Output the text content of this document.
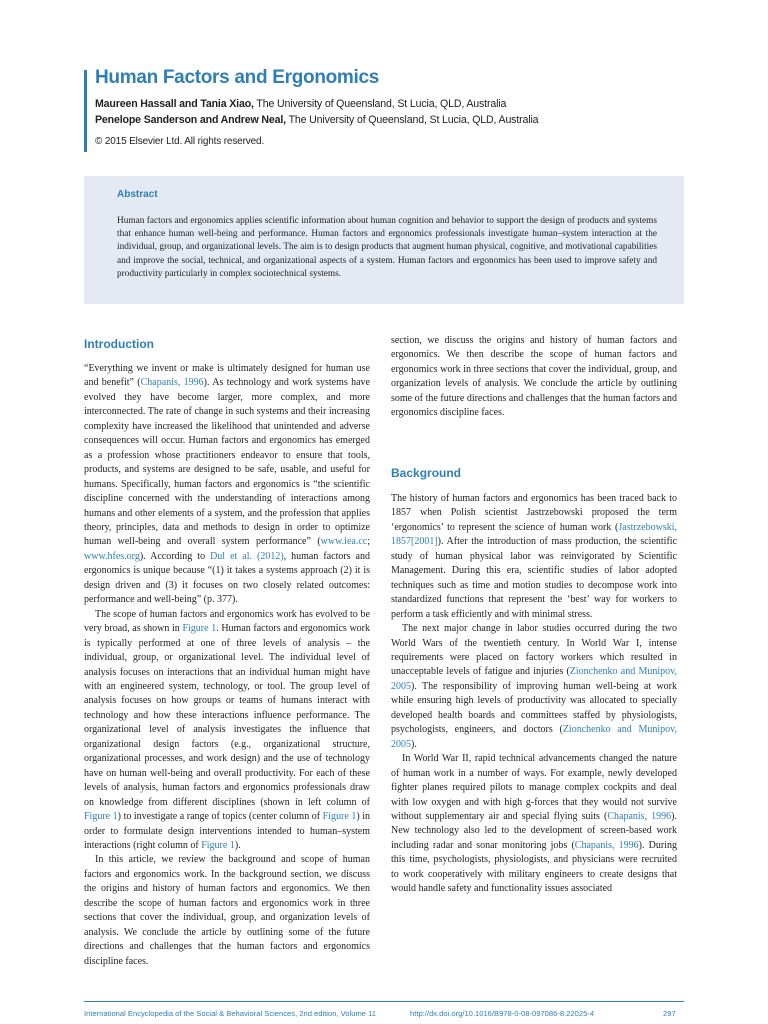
Human Factors and Ergonomics
Maureen Hassall and Tania Xiao, The University of Queensland, St Lucia, QLD, Australia
Penelope Sanderson and Andrew Neal, The University of Queensland, St Lucia, QLD, Australia
© 2015 Elsevier Ltd. All rights reserved.
Abstract
Human factors and ergonomics applies scientific information about human cognition and behavior to support the design of products and systems that enhance human well-being and performance. Human factors and ergonomics professionals investigate human–system interaction at the individual, group, and organizational levels. The aim is to design products that augment human physical, cognitive, and motivational capabilities and improve the social, technical, and organizational aspects of a system. Human factors and ergonomics has been used to improve safety and productivity particularly in complex sociotechnical systems.
Introduction

“Everything we invent or make is ultimately designed for human use and benefit” (Chapanis, 1996). As technology and work systems have evolved they have become larger, more complex, and more interconnected. The rate of change in such systems and their increasing complexity have increased the likelihood that unintended and adverse consequences will occur. Human factors and ergonomics has emerged as a profession whose practitioners endeavor to ensure that tools, products, and systems are designed to be safe, usable, and useful for humans. Specifically, human factors and ergonomics is “the scientific discipline concerned with the understanding of interactions among humans and other elements of a system, and the profession that applies theory, principles, data and methods to design in order to optimize human well-being and overall system performance” (www.iea.cc; www.hfes.org). According to Dul et al. (2012), human factors and ergonomics is unique because “(1) it takes a systems approach (2) it is design driven and (3) it focuses on two closely related outcomes: performance and well-being” (p. 377).

The scope of human factors and ergonomics work has evolved to be very broad, as shown in Figure 1. Human factors and ergonomics work is typically performed at one of three levels of analysis – the individual, group, or organizational level. The individual level of analysis focuses on interactions that an individual human might have with an engineered system, technology, or tool. The group level of analysis focuses on how groups or teams of humans interact with technology and how these interactions influence performance. The organizational level of analysis investigates the influence that organizational design factors (e.g., organizational structure, organizational processes, and work design) and the use of technology have on human well-being and overall productivity. For each of these levels of analysis, human factors and ergonomics professionals draw on knowledge from different disciplines (shown in left column of Figure 1) to investigate a range of topics (center column of Figure 1) in order to formulate design interventions intended to human–system interactions (right column of Figure 1).

In this article, we review the background and scope of human factors and ergonomics work. In the background section, we discuss the origins and history of human factors and ergonomics. We then describe the scope of human factors and ergonomics work in three sections that cover the individual, group, and organization levels of analysis. We conclude the article by outlining some of the future directions and challenges that the human factors and ergonomics discipline faces.

section, we discuss the origins and history of human factors and ergonomics. We then describe the scope of human factors and ergonomics work in three sections that cover the individual, group, and organization levels of analysis. We conclude the article by outlining some of the future directions and challenges that the human factors and ergonomics discipline faces.

Background

The history of human factors and ergonomics has been traced back to 1857 when Polish scientist Jastrzebowski proposed the term ‘ergonomics’ to represent the science of human work (Jastrzebowski, 1857[2001]). After the introduction of mass production, the scientific study of human physical labor was reinvigorated by Scientific Management. During this era, scientific studies of labor adopted techniques such as time and motion studies to decompose work into standardized functions that represent the ‘best’ way for workers to perform a task efficiently and with minimal stress.

The next major change in labor studies occurred during the two World Wars of the twentieth century. In World War I, intense requirements were placed on factory workers which resulted in unacceptable levels of fatigue and injuries (Zionchenko and Munipov, 2005). The responsibility of improving human well-being at work while ensuring high levels of productivity was allocated to specially developed health boards and committees staffed by physiologists, psychologists, engineers, and doctors (Zionchenko and Munipov, 2005).

In World War II, rapid technical advancements changed the nature of human work in a number of ways. For example, newly developed fighter planes required pilots to manage complex cockpits and deal with low oxygen and with high g-forces that they would not survive without supplementary air and special flying suits (Chapanis, 1996). New technology also led to the development of screen-based work including radar and sonar monitoring jobs (Chapanis, 1996). During this time, psychologists, physiologists, and physicians were recruited to work cooperatively with military engineers to create designs that would handle safety and functionality issues associated

International Encyclopedia of the Social & Behavioral Sciences, 2nd edition, Volume 11	http://dx.doi.org/10.1016/B978-0-08-097086-8.22025-4	297
